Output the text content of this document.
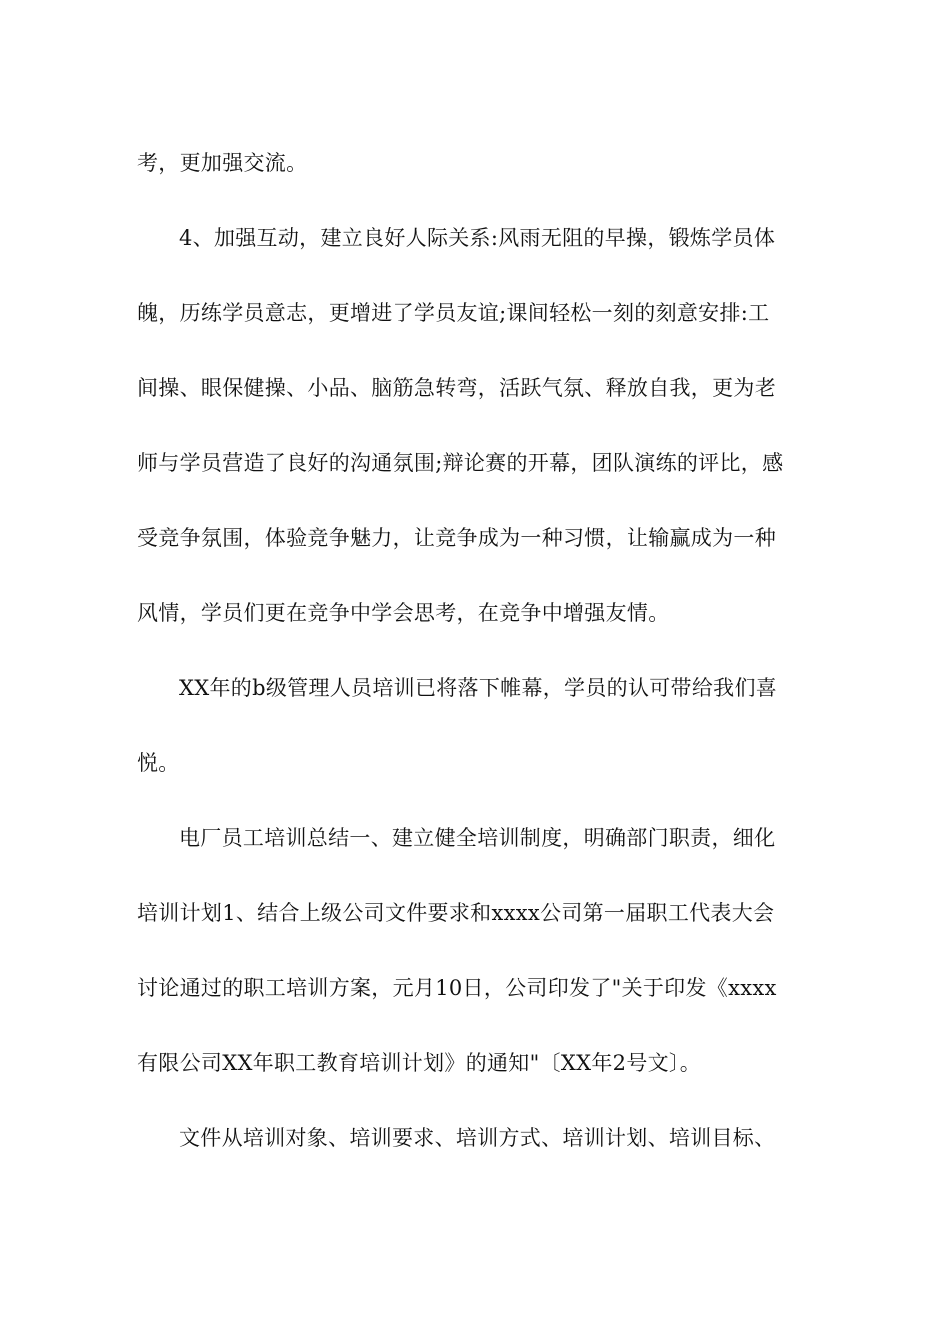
考，更加强交流。
4、加强互动，建立良好人际关系:风雨无阻的早操，锻炼学员体
魄，历练学员意志，更增进了学员友谊;课间轻松一刻的刻意安排:工
间操、眼保健操、小品、脑筋急转弯，活跃气氛、释放自我，更为老
师与学员营造了良好的沟通氛围;辩论赛的开幕，团队演练的评比，感
受竞争氛围，体验竞争魅力，让竞争成为一种习惯，让输赢成为一种
风情，学员们更在竞争中学会思考，在竞争中增强友情。
XX年的b级管理人员培训已将落下帷幕，学员的认可带给我们喜
悦。
电厂员工培训总结一、建立健全培训制度，明确部门职责，细化
培训计划1、结合上级公司文件要求和xxxx公司第一届职工代表大会
讨论通过的职工培训方案，元月10日，公司印发了"关于印发《xxxx
有限公司XX年职工教育培训计划》的通知"〔XX年2号文〕。
文件从培训对象、培训要求、培训方式、培训计划、培训目标、
